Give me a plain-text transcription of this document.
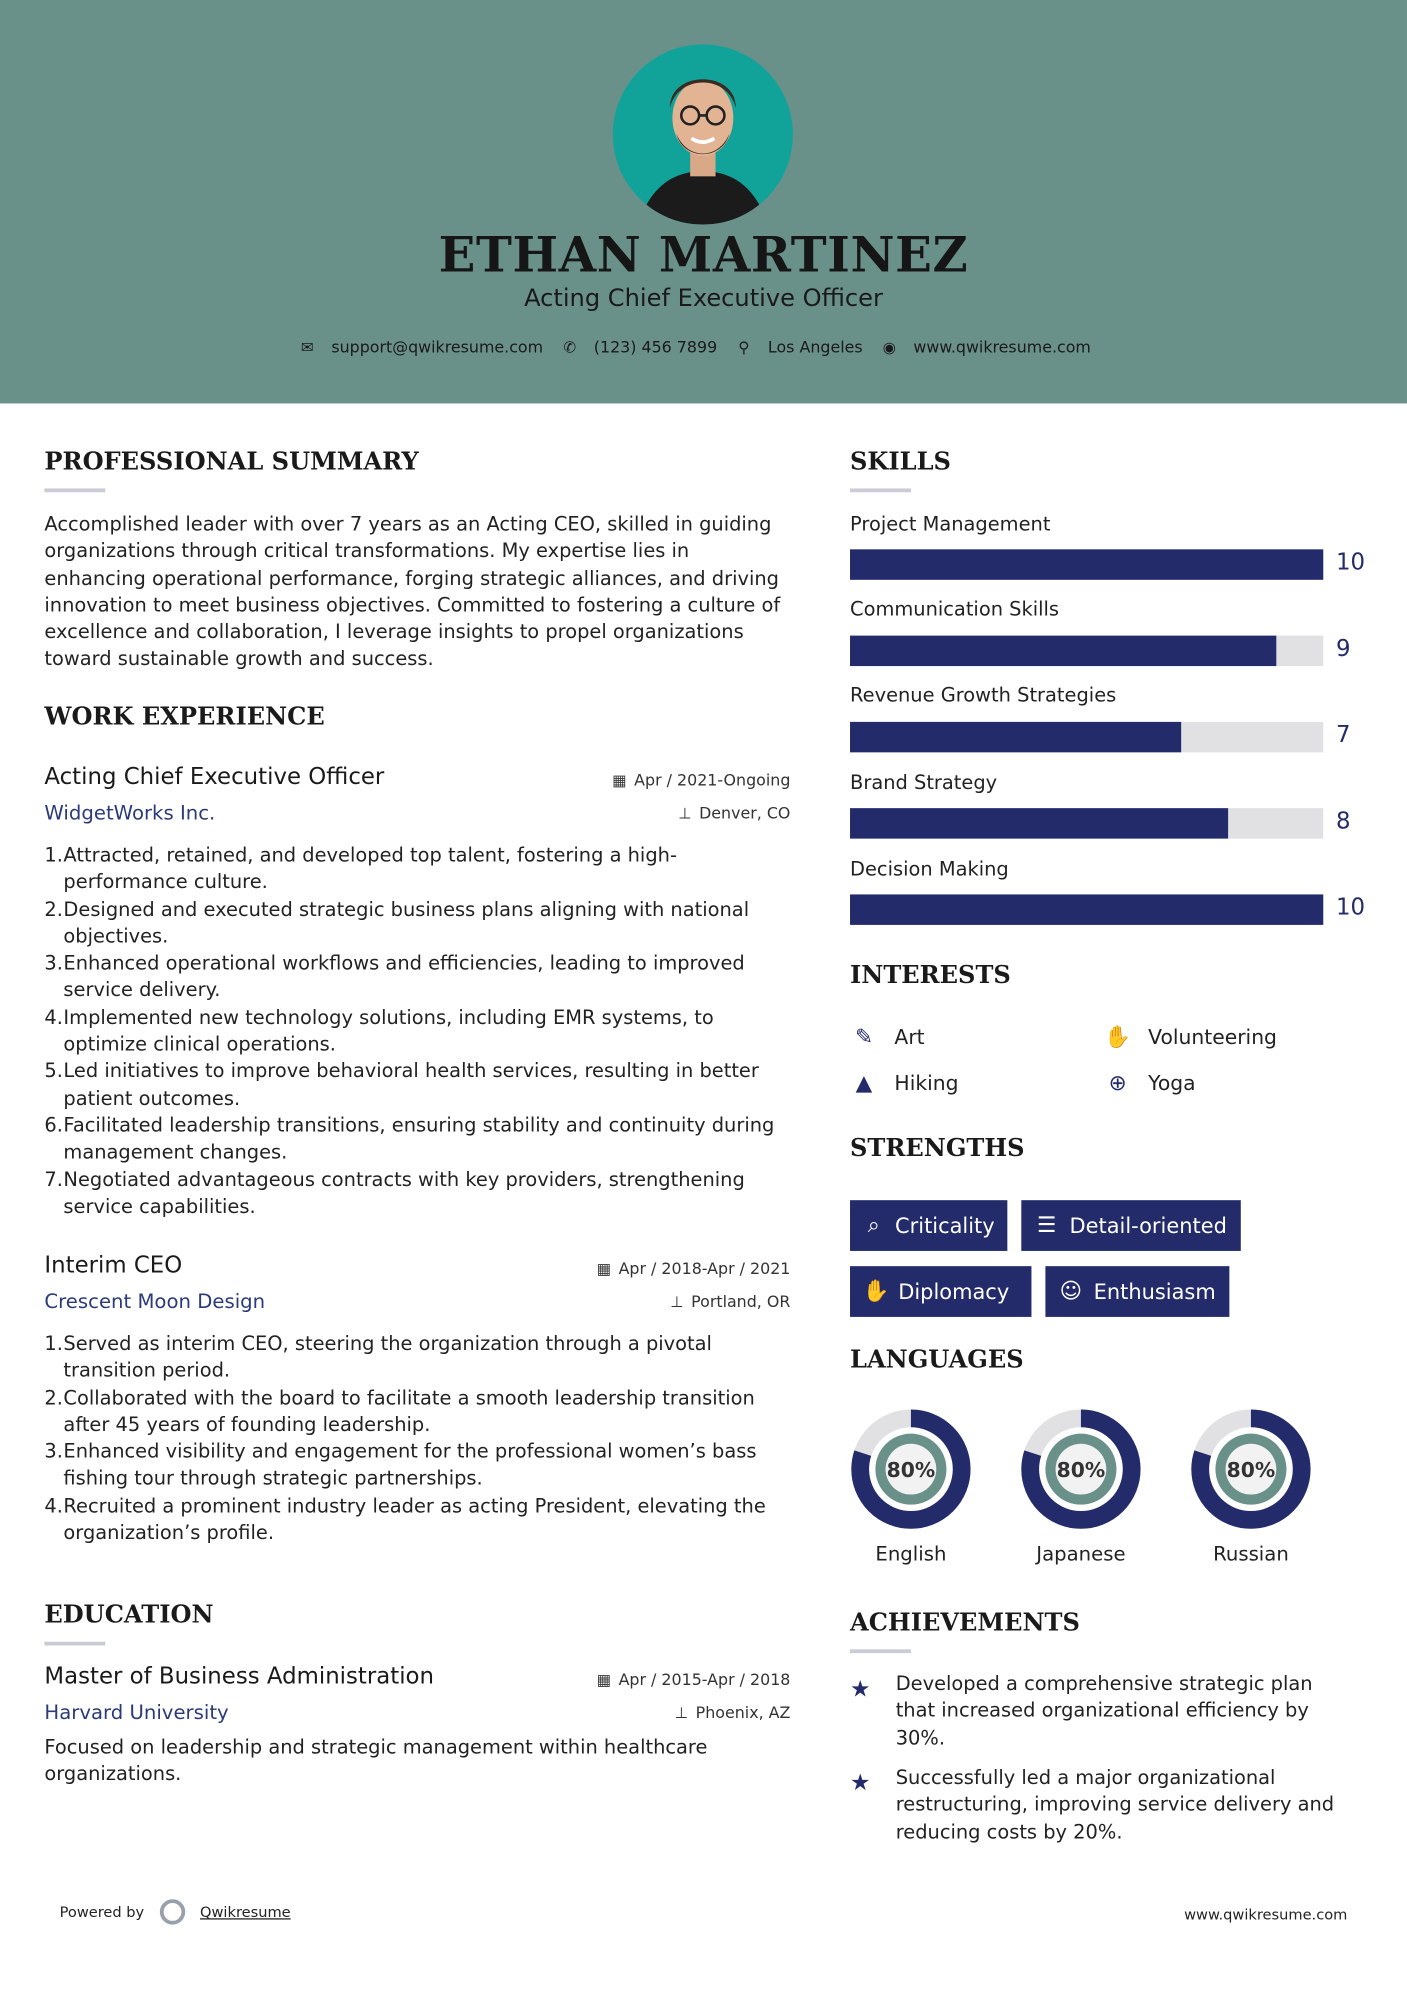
ETHAN MARTINEZ
Acting Chief Executive Officer
✉ support@qwikresume.com ✆ (123) 456 7899 ⚲ Los Angeles ◉ www.qwikresume.com
PROFESSIONAL SUMMARY
Accomplished leader with over 7 years as an Acting CEO, skilled in guiding organizations through critical transformations. My expertise lies in enhancing operational performance, forging strategic alliances, and driving innovation to meet business objectives. Committed to fostering a culture of excellence and collaboration, I leverage insights to propel organizations toward sustainable growth and success.
WORK EXPERIENCE
Acting Chief Executive Officer
WidgetWorks Inc.
▦ Apr / 2021-Ongoing
⊥ Denver, CO
1. Attracted, retained, and developed top talent, fostering a high-performance culture.
2. Designed and executed strategic business plans aligning with national objectives.
3. Enhanced operational workflows and efficiencies, leading to improved service delivery.
4. Implemented new technology solutions, including EMR systems, to optimize clinical operations.
5. Led initiatives to improve behavioral health services, resulting in better patient outcomes.
6. Facilitated leadership transitions, ensuring stability and continuity during management changes.
7. Negotiated advantageous contracts with key providers, strengthening service capabilities.
Interim CEO
Crescent Moon Design
▦ Apr / 2018-Apr / 2021
⊥ Portland, OR
1. Served as interim CEO, steering the organization through a pivotal transition period.
2. Collaborated with the board to facilitate a smooth leadership transition after 45 years of founding leadership.
3. Enhanced visibility and engagement for the professional women’s bass fishing tour through strategic partnerships.
4. Recruited a prominent industry leader as acting President, elevating the organization’s profile.
EDUCATION
Master of Business Administration
Harvard University
▦ Apr / 2015-Apr / 2018
⊥ Phoenix, AZ
Focused on leadership and strategic management within healthcare organizations.
SKILLS
Project Management
10
Communication Skills
9
Revenue Growth Strategies
7
Brand Strategy
8
Decision Making
10
INTERESTS
✎ Art	✋ Volunteering
▲ Hiking	⊕ Yoga
STRENGTHS
⌕ Criticality ☰ Detail-oriented
✋ Diplomacy	☺ Enthusiasm
LANGUAGES
80%
English
80%
Japanese
80%
Russian
ACHIEVEMENTS
★ Developed a comprehensive strategic plan that increased organizational efficiency by 30%.
★ Successfully led a major organizational restructuring, improving service delivery and reducing costs by 20%.
Powered by	Qwikresume	www.qwikresume.com
